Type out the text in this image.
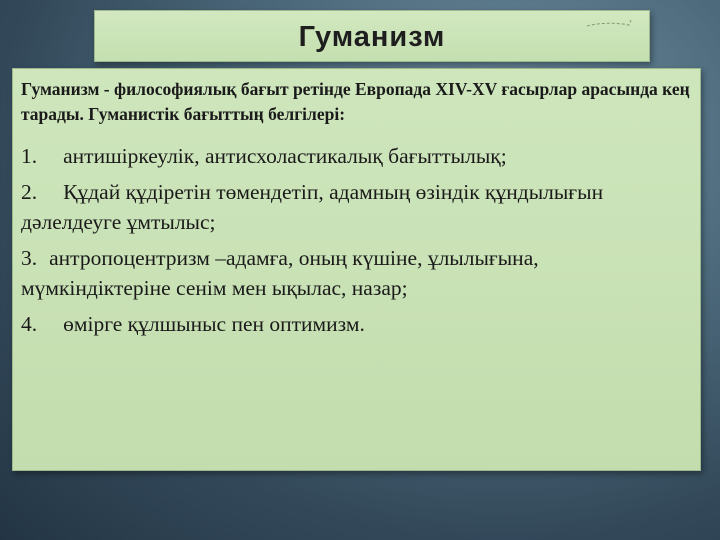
Гуманизм

Гуманизм - философиялық бағыт ретінде Европада XIV-XV ғасырлар арасында кең тарады. Гуманистік бағыттың белгілері:

1. антишіркеулік, антисхоластикалық бағыттылық;
2. Құдай құдіретін төмендетіп, адамның өзіндік құндылығын дәлелдеуге ұмтылыс;
3. антропоцентризм –адамға, оның күшіне, ұлылығына, мүмкіндіктеріне сенім мен ықылас, назар;
4. өмірге құлшыныс пен оптимизм.
